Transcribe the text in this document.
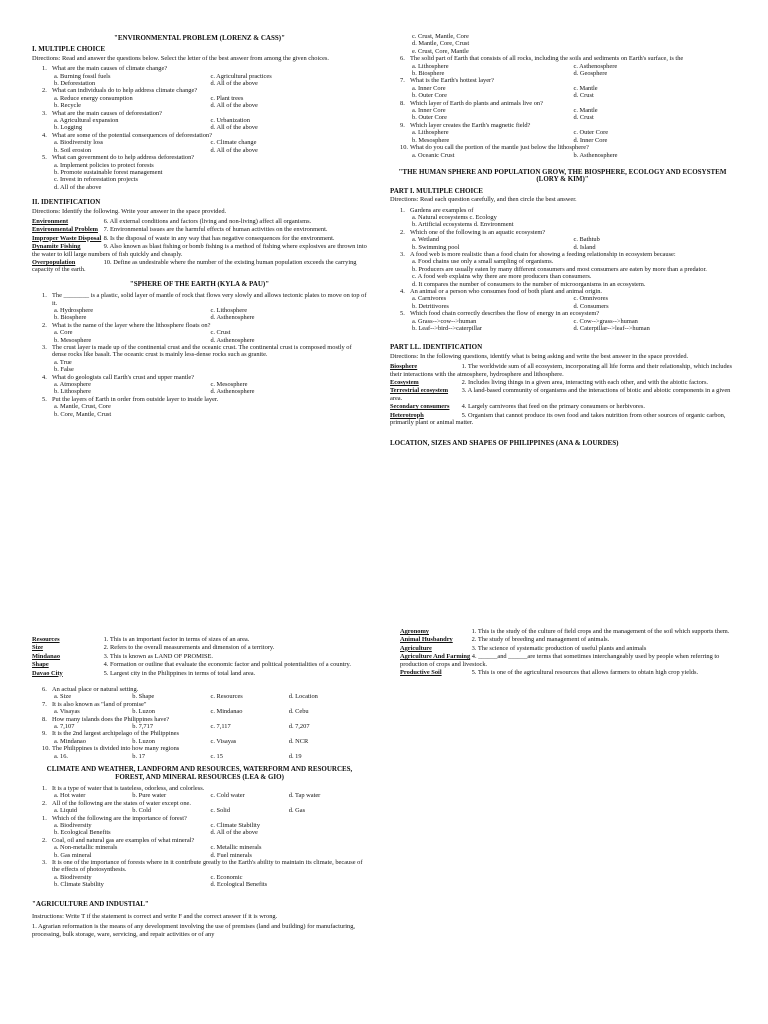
"ENVIRONMENTAL PROBLEM (LORENZ & CASS)"
I. MULTIPLE CHOICE

Directions: Read and answer the questions below. Select the letter of the best answer from among the given choices.

1. What are the main causes of climate change?
a. Burning fossil fuels	c. Agricultural practices
b. Deforestation	d. All of the above
2. What can individuals do to help address climate change?
a. Reduce energy consumption	c. Plant trees
b. Recycle	d. All of the above
3. What are the main causes of deforestation?
a. Agricultural expansion	c. Urbanization
b. Logging	d. All of the above
4. What are some of the potential consequences of deforestation?
a. Biodiversity loss	c. Climate change
b. Soil erosion	d. All of the above
5. What can government do to help address deforestation?
a. Implement policies to protect forests
b. Promote sustainable forest management
c. Invest in reforestation projects
d. All of the above
II. IDENTIFICATION

Directions: Identify the following. Write your answer in the space provided.

Environment	6. All external conditions and factors (living and non-living) affect all organisms.

Environmental Problem 7. Environmental issues are the harmful effects of human activities on the environment.

Improper Waste Disposal 8. Is the disposal of waste in any way that has negative consequences for the environment.

Dynamite Fishing	9. Also known as blast fishing or bomb fishing is a method of fishing where explosives are thrown into the water to kill large numbers of fish quickly and cheaply.

Overpopulation	10. Define as undesirable where the number of the existing human population exceeds the carrying capacity of the earth.

"SPHERE OF THE EARTH (KYLA & PAU)"
1. The ________ is a plastic, solid layer of mantle of rock that flows very slowly and allows tectonic plates to move on top of it.
a. Hydrosphere	c. Lithosphere
b. Biosphere	d. Asthenosphere
2. What is the name of the layer where the lithosphere floats on?
a. Core	c. Crust
b. Mesosphere	d. Asthenosphere
3. The crust layer is made up of the continental crust and the oceanic crust. The continental crust is composed mostly of dense rocks like basalt. The oceanic crust is mainly less-dense rocks such as granite.
a. True
b. False
4. What do geologists call Earth's crust and upper mantle?
a. Atmosphere	c. Mesosphere
b. Lithosphere	d. Asthenosphere
5. Put the layers of Earth in order from outside layer to inside layer.
a. Mantle, Crust, Core
b. Core, Mantle, Crust
c. Crust, Mantle, Core
d. Mantle, Core, Crust
e. Crust, Core, Mantle
6. The solid part of Earth that consists of all rocks, including the soils and sediments on Earth's surface, is the
a. Lithosphere	c. Asthenosphere
b. Biosphere	d. Geosphere
7. What is the Earth's hottest layer?
a. Inner Core	c. Mantle
b. Outer Core	d. Crust
8. Which layer of Earth do plants and animals live on?
a. Inner Core	c. Mantle
b. Outer Core	d. Crust
9. Which layer creates the Earth's magnetic field?
a. Lithosphere	c. Outer Core
b. Mesosphere	d. Inner Core
10. What do you call the portion of the mantle just below the lithosphere?
a. Oceanic Crust	b. Asthenosphere
"THE HUMAN SPHERE AND POPULATION GROW, THE BIOSPHERE, ECOLOGY AND ECOSYSTEM (LORY & KIM)"
PART I. MULTIPLE CHOICE

Directions: Read each question carefully, and then circle the best answer.

1. Gardens are examples of
a. Natural ecosystems c. Ecology
b. Artificial ecosystems d. Environment
2. Which one of the following is an aquatic ecosystem?
a. Wetland	c. Bathtub
b. Swimming pool	d. Island
3. A food web is more realistic than a food chain for showing a feeding relationship in ecosystem because:
a. Food chains use only a small sampling of organisms.
b. Producers are usually eaten by many different consumers and most consumers are eaten by more than a predator.
c. A food web explains why there are more producers than consumers.
d. It compares the number of consumers to the number of microorganisms in an ecosystem.
4. An animal or a person who consumes food of both plant and animal origin.
a. Carnivores	c. Omnivores
b. Detritivores	d. Consumers
5. Which food chain correctly describes the flow of energy in an ecosystem?
a. Grass-->cow-->human	c. Cow-->grass-->human
b. Leaf-->bird-->caterpillar	d. Caterpillar-->leaf-->human
PART LL. IDENTIFICATION

Directions: In the following questions, identify what is being asking and write the best answer in the space provided.

Biosphere	1. The worldwide sum of all ecosystem, incorporating all life forms and their relationship, which includes their interactions with the atmosphere, hydrosphere and lithosphere.

Ecosystem	2. Includes living things in a given area, interacting with each other, and with the abiotic factors.

Terrestrial ecosystem 3. A land-based community of organisms and the interactions of biotic and abiotic components in a given area.

Secondary consumers 4. Largely carnivores that feed on the primary consumers or herbivores.

Heterotroph	5. Organism that cannot produce its own food and takes nutrition from other sources of organic carbon, primarily plant or animal matter.

LOCATION, SIZES AND SHAPES OF PHILIPPINES (ANA & LOURDES)

Resources	1. This is an important factor in terms of sizes of an area.

Size	2. Refers to the overall measurements and dimension of a territory.

Mindanao	3. This is known as LAND OF PROMISE.

Shape	4. Formation or outline that evaluate the economic factor and political potentialities of a country.

Davao City	5. Largest city in the Philippines in terms of total land area.

6. An actual place or natural setting.
a. Size	b. Shape	c. Resources	d. Location
7. It is also known as "land of promise"
a. Visayas	b. Luzon	c. Mindanao	d. Cebu
8. How many islands does the Philippines have?
a. 7,107	b. 7,717	c. 7,117	d. 7,207
9. It is the 2nd largest archipelago of the Philippines
a. Mindanao	b. Luzon	c. Visayas	d. NCR
10. The Philippines is divided into how many regions
a. 16.	b. 17	c. 15	d. 19
CLIMATE AND WEATHER, LANDFORM AND RESOURCES, WATERFORM AND RESOURCES, FOREST, AND MINERAL RESOURCES (LEA & GIO)
1. It is a type of water that is tasteless, odorless, and colorless.
a. Hot water	b. Pure water	c. Cold water	d. Tap water
2. All of the following are the states of water except one.
a. Liquid	b. Cold	c. Solid	d. Gas
1. Which of the following are the importance of forest?
a. Biodiversity	c. Climate Stability
b. Ecological Benefits	d. All of the above
2. Coal, oil and natural gas are examples of what mineral?
a. Non-metallic minerals	c. Metallic minerals
b. Gas mineral	d. Fuel minerals
3. It is one of the importance of forests where in it contribute greatly to the Earth's ability to maintain its climate, because of the effects of photosynthesis.
a. Biodiversity	c. Economic
b. Climate Stability	d. Ecological Benefits
"AGRICULTURE AND INDUSTIAL"

Instructions: Write T if the statement is correct and write F and the correct answer if it is wrong.

1. Agrarian reformation is the means of any development involving the use of premises (land and building) for manufacturing, processing, bulk storage, ware, servicing, and repair activities or of any

Agronomy	1. This is the study of the culture of field crops and the management of the soil which supports them.

Animal Husbandry	2. The study of breeding and management of animals.

Agriculture	3. The science of systematic production of useful plants and animals

Agriculture And Farming 4. ______and ______are terms that sometimes interchangeably used by people when referring to production of crops and livestock.

Productive Soil	5. This is one of the agricultural resources that allows farmers to obtain high crop yields.
